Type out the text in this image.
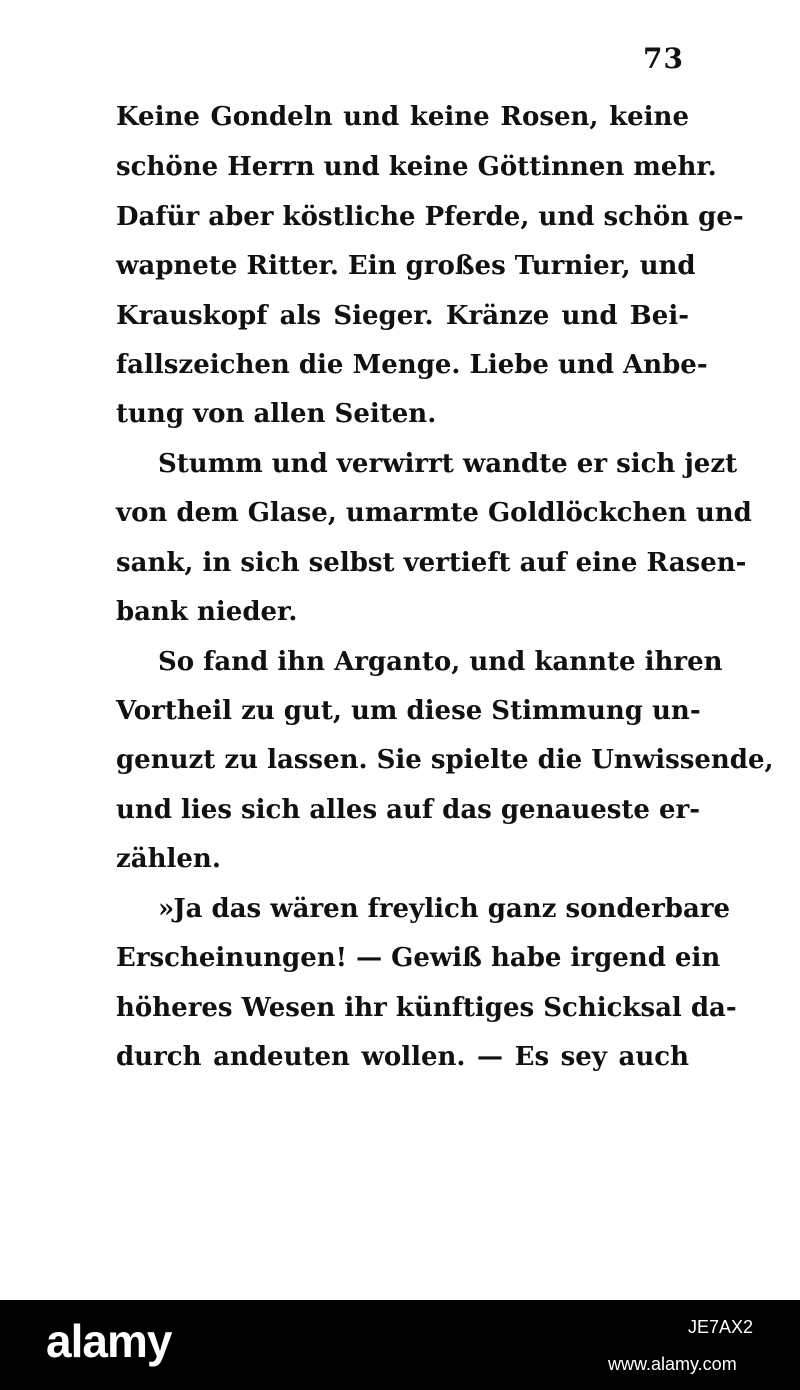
73
Keine Gondeln und keine Rosen, keine
schöne Herrn und keine Göttinnen mehr.
Dafür aber köstliche Pferde, und schön ge-
wapnete Ritter. Ein großes Turnier, und
Krauskopf als Sieger. Kränze und Bei-
fallszeichen die Menge. Liebe und Anbe-
tung von allen Seiten.
Stumm und verwirrt wandte er sich jezt
von dem Glase, umarmte Goldlöckchen und
sank, in sich selbst vertieft auf eine Rasen-
bank nieder.
So fand ihn Arganto, und kannte ihren
Vortheil zu gut, um diese Stimmung un-
genuzt zu lassen. Sie spielte die Unwissende,
und lies sich alles auf das genaueste er-
zählen.
»Ja das wären freylich ganz sonderbare
Erscheinungen! — Gewiß habe irgend ein
höheres Wesen ihr künftiges Schicksal da-
durch andeuten wollen. — Es sey auch
alamy	JE7AX2
www.alamy.com
